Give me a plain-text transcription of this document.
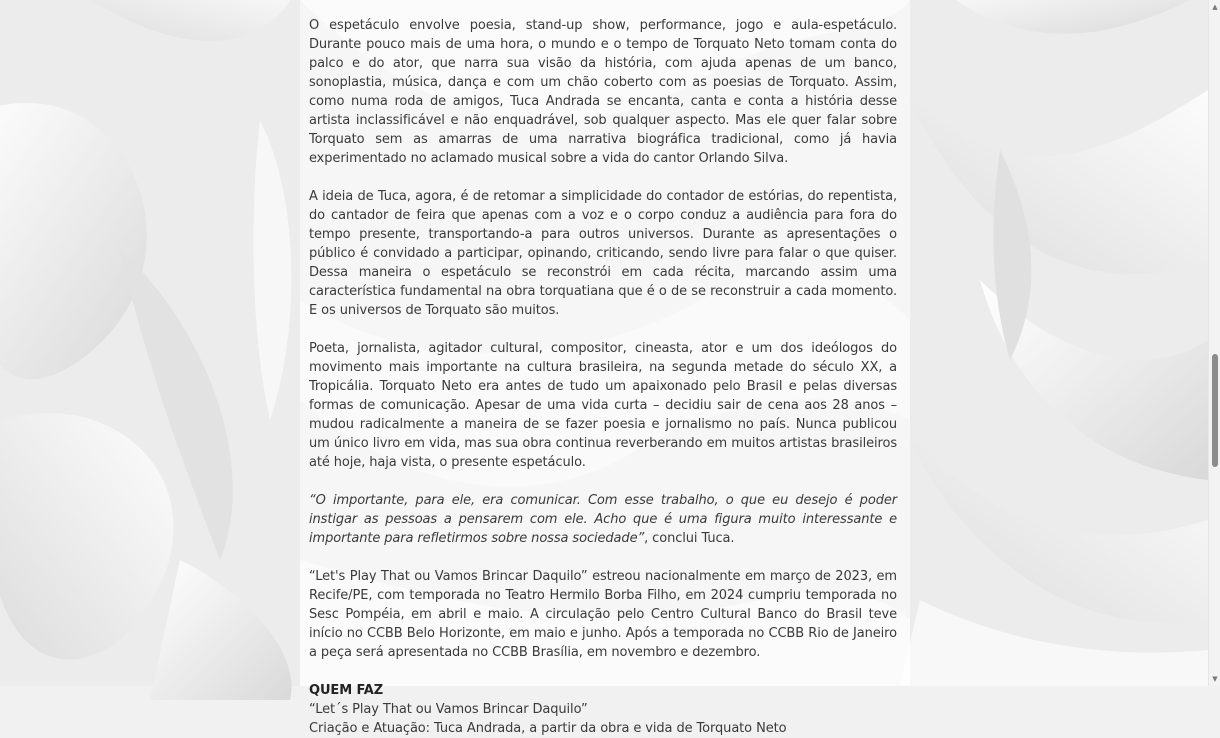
O espetáculo envolve poesia, stand-up show, performance, jogo e aula-espetáculo. Durante pouco mais de uma hora, o mundo e o tempo de Torquato Neto tomam conta do palco e do ator, que narra sua visão da história, com ajuda apenas de um banco, sonoplastia, música, dança e com um chão coberto com as poesias de Torquato. Assim, como numa roda de amigos, Tuca Andrada se encanta, canta e conta a história desse artista inclassificável e não enquadrável, sob qualquer aspecto. Mas ele quer falar sobre Torquato sem as amarras de uma narrativa biográfica tradicional, como já havia experimentado no aclamado musical sobre a vida do cantor Orlando Silva.

A ideia de Tuca, agora, é de retomar a simplicidade do contador de estórias, do repentista, do cantador de feira que apenas com a voz e o corpo conduz a audiência para fora do tempo presente, transportando-a para outros universos. Durante as apresentações o público é convidado a participar, opinando, criticando, sendo livre para falar o que quiser. Dessa maneira o espetáculo se reconstrói em cada récita, marcando assim uma característica fundamental na obra torquatiana que é o de se reconstruir a cada momento. E os universos de Torquato são muitos.

Poeta, jornalista, agitador cultural, compositor, cineasta, ator e um dos ideólogos do movimento mais importante na cultura brasileira, na segunda metade do século XX, a Tropicália. Torquato Neto era antes de tudo um apaixonado pelo Brasil e pelas diversas formas de comunicação. Apesar de uma vida curta – decidiu sair de cena aos 28 anos – mudou radicalmente a maneira de se fazer poesia e jornalismo no país. Nunca publicou um único livro em vida, mas sua obra continua reverberando em muitos artistas brasileiros até hoje, haja vista, o presente espetáculo.

“O importante, para ele, era comunicar. Com esse trabalho, o que eu desejo é poder instigar as pessoas a pensarem com ele. Acho que é uma figura muito interessante e importante para refletirmos sobre nossa sociedade”, conclui Tuca.

“Let's Play That ou Vamos Brincar Daquilo” estreou nacionalmente em março de 2023, em Recife/PE, com temporada no Teatro Hermilo Borba Filho, em 2024 cumpriu temporada no Sesc Pompéia, em abril e maio. A circulação pelo Centro Cultural Banco do Brasil teve início no CCBB Belo Horizonte, em maio e junho. Após a temporada no CCBB Rio de Janeiro a peça será apresentada no CCBB Brasília, em novembro e dezembro.

QUEM FAZ

“Let´s Play That ou Vamos Brincar Daquilo”

Criação e Atuação: Tuca Andrada, a partir da obra e vida de Torquato Neto

▲
▼
